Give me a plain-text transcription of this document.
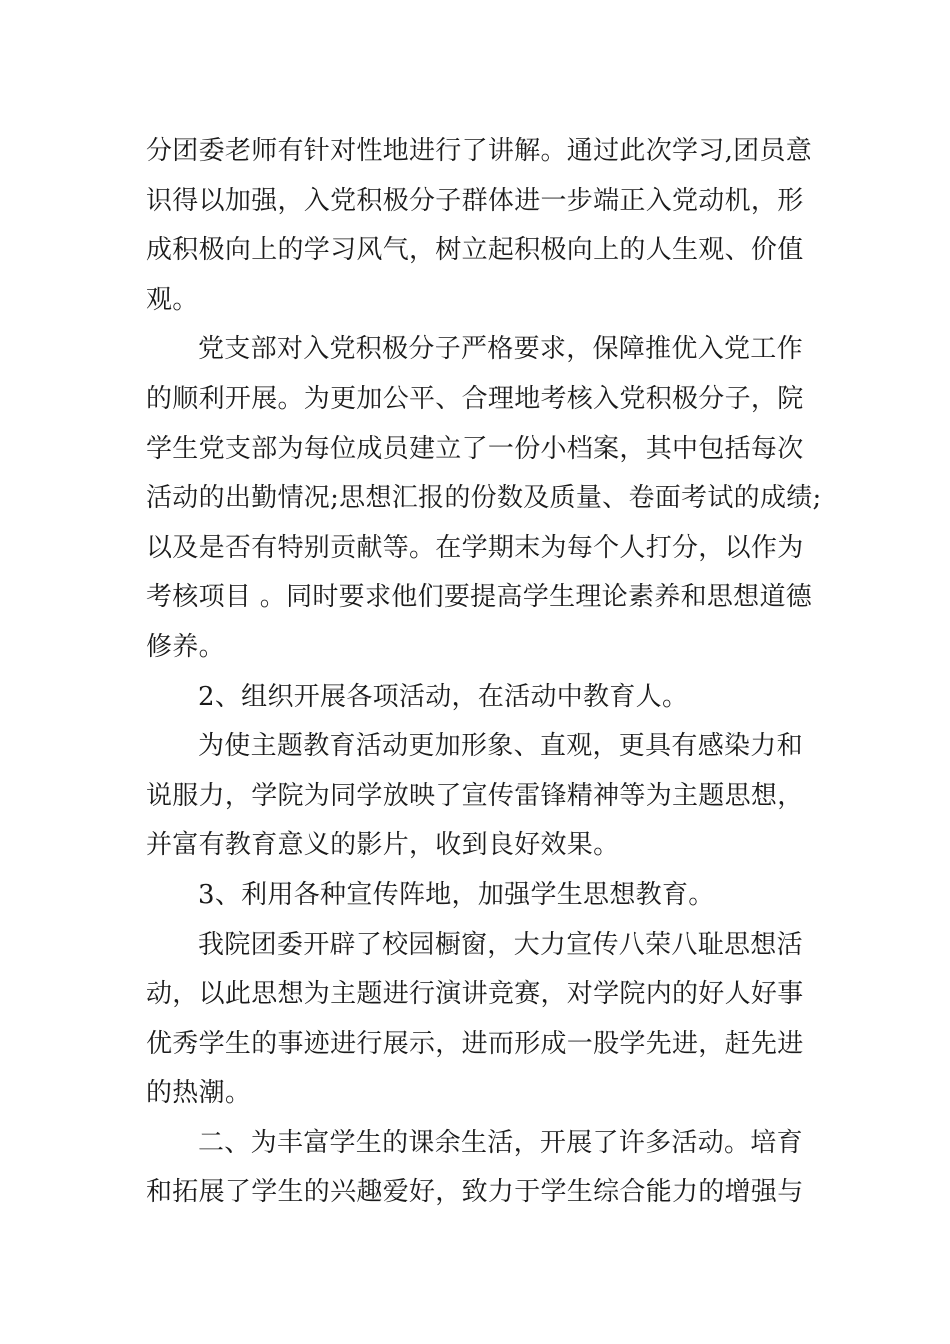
分团委老师有针对性地进行了讲解。通过此次学习,团员意
识得以加强，入党积极分子群体进一步端正入党动机，形
成积极向上的学习风气，树立起积极向上的人生观、价值
观。
党支部对入党积极分子严格要求，保障推优入党工作
的顺利开展。为更加公平、合理地考核入党积极分子，院
学生党支部为每位成员建立了一份小档案，其中包括每次
活动的出勤情况;思想汇报的份数及质量、卷面考试的成绩;
以及是否有特别贡献等。在学期末为每个人打分，以作为
考核项目 。同时要求他们要提高学生理论素养和思想道德
修养。
2、组织开展各项活动，在活动中教育人。
为使主题教育活动更加形象、直观，更具有感染力和
说服力，学院为同学放映了宣传雷锋精神等为主题思想，
并富有教育意义的影片，收到良好效果。
3、利用各种宣传阵地，加强学生思想教育。
我院团委开辟了校园橱窗，大力宣传八荣八耻思想活
动，以此思想为主题进行演讲竞赛，对学院内的好人好事
优秀学生的事迹进行展示，进而形成一股学先进，赶先进
的热潮。
二、为丰富学生的课余生活，开展了许多活动。培育
和拓展了学生的兴趣爱好，致力于学生综合能力的增强与
